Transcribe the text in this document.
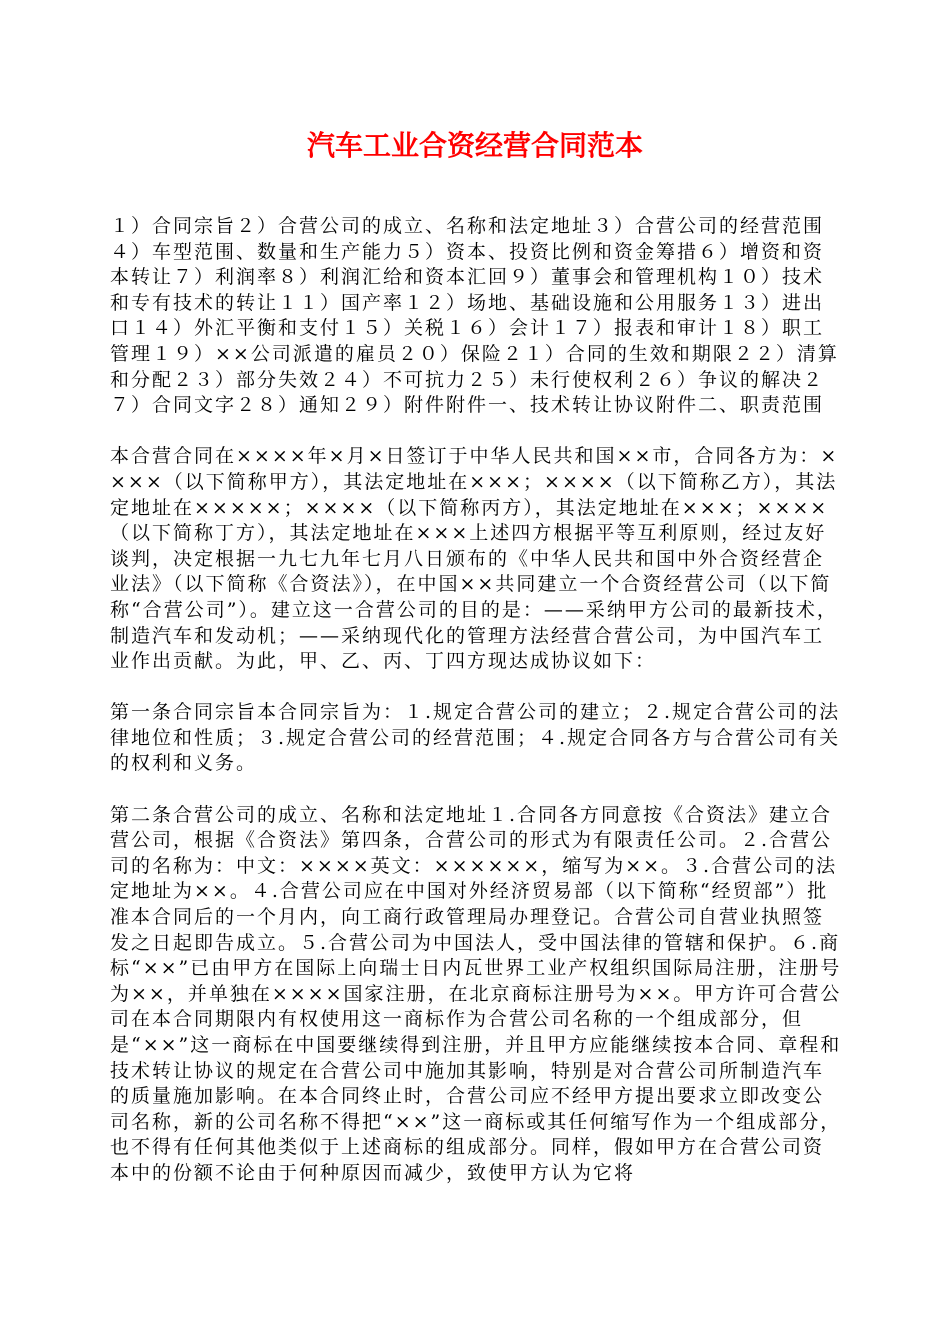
汽车工业合资经营合同范本

１）合同宗旨２）合营公司的成立、名称和法定地址３）合营公司的经营范围４）车型范围、数量和生产能力５）资本、投资比例和资金筹措６）增资和资本转让７）利润率８）利润汇给和资本汇回９）董事会和管理机构１０）技术和专有技术的转让１１）国产率１２）场地、基础设施和公用服务１３）进出口１４）外汇平衡和支付１５）关税１６）会计１７）报表和审计１８）职工管理１９）××公司派遣的雇员２０）保险２１）合同的生效和期限２２）清算和分配２３）部分失效２４）不可抗力２５）未行使权利２６）争议的解决２７）合同文字２８）通知２９）附件附件一、技术转让协议附件二、职责范围

本合营合同在××××年×月×日签订于中华人民共和国××市，合同各方为：××××（以下简称甲方），其法定地址在×××；××××（以下简称乙方），其法定地址在×××××；××××（以下简称丙方），其法定地址在×××；××××（以下简称丁方），其法定地址在×××上述四方根据平等互利原则，经过友好谈判，决定根据一九七九年七月八日颁布的《中华人民共和国中外合资经营企业法》（以下简称《合资法》），在中国××共同建立一个合资经营公司（以下简称“合营公司”）。建立这一合营公司的目的是：——采纳甲方公司的最新技术，制造汽车和发动机；——采纳现代化的管理方法经营合营公司，为中国汽车工业作出贡献。为此，甲、乙、丙、丁四方现达成协议如下：

第一条合同宗旨本合同宗旨为：１.规定合营公司的建立；２.规定合营公司的法律地位和性质；３.规定合营公司的经营范围；４.规定合同各方与合营公司有关的权利和义务。

第二条合营公司的成立、名称和法定地址１.合同各方同意按《合资法》建立合营公司，根据《合资法》第四条，合营公司的形式为有限责任公司。２.合营公司的名称为：中文：××××英文：××××××，缩写为××。３.合营公司的法定地址为××。４.合营公司应在中国对外经济贸易部（以下简称“经贸部”）批准本合同后的一个月内，向工商行政管理局办理登记。合营公司自营业执照签发之日起即告成立。５.合营公司为中国法人，受中国法律的管辖和保护。６.商标“××”已由甲方在国际上向瑞士日内瓦世界工业产权组织国际局注册，注册号为××，并单独在××××国家注册，在北京商标注册号为××。甲方许可合营公司在本合同期限内有权使用这一商标作为合营公司名称的一个组成部分，但是“××”这一商标在中国要继续得到注册，并且甲方应能继续按本合同、章程和技术转让协议的规定在合营公司中施加其影响，特别是对合营公司所制造汽车的质量施加影响。在本合同终止时，合营公司应不经甲方提出要求立即改变公司名称，新的公司名称不得把“××”这一商标或其任何缩写作为一个组成部分，也不得有任何其他类似于上述商标的组成部分。同样，假如甲方在合营公司资本中的份额不论由于何种原因而减少，致使甲方认为它将
